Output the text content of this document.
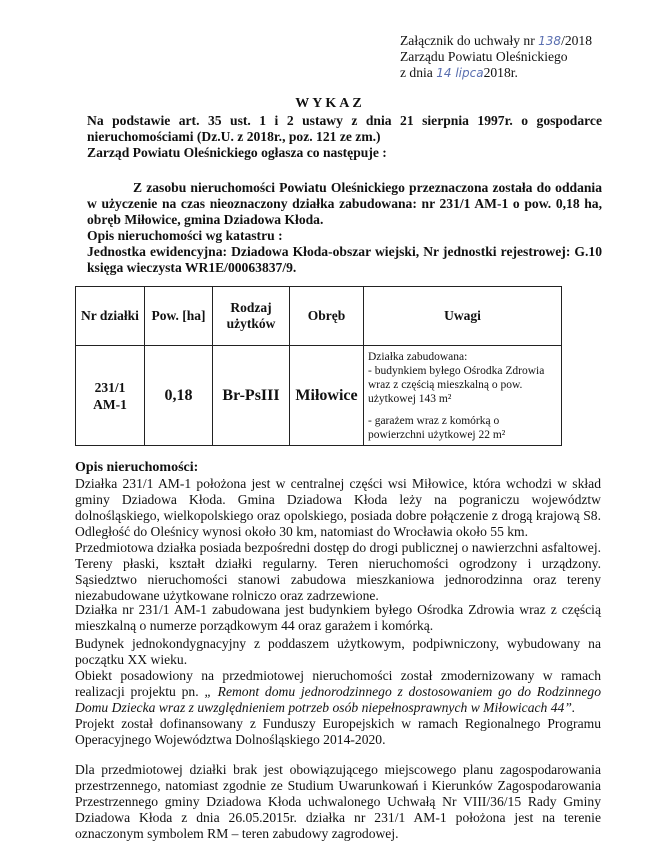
Załącznik do uchwały nr 138/2018
Zarządu Powiatu Oleśnickiego
z dnia 14 lipca2018r.
WYKAZ
Na podstawie art. 35 ust. 1 i 2 ustawy z dnia 21 sierpnia 1997r. o gospodarce nieruchomościami (Dz.U. z 2018r., poz. 121 ze zm.)
Zarząd Powiatu Oleśnickiego ogłasza co następuje :
Z zasobu nieruchomości Powiatu Oleśnickiego przeznaczona została do oddania w użyczenie na czas nieoznaczony działka zabudowana: nr 231/1 AM-1 o pow. 0,18 ha, obręb Miłowice, gmina Dziadowa Kłoda.
Opis nieruchomości wg katastru :
Jednostka ewidencyjna: Dziadowa Kłoda-obszar wiejski, Nr jednostki rejestrowej: G.10 księga wieczysta WR1E/00063837/9.
Nr działki	Pow. [ha]	Rodzaj użytków	Obręb	Uwagi

231/1 AM-1	0,18	Br-PsIII	Miłowice	Działka zabudowana:
- budynkiem byłego Ośrodka Zdrowia wraz z częścią mieszkalną o pow. użytkowej 143 m²
- garażem wraz z komórką o powierzchni użytkowej 22 m²
Opis nieruchomości:
Działka 231/1 AM-1 położona jest w centralnej części wsi Miłowice, która wchodzi w skład gminy Dziadowa Kłoda. Gmina Dziadowa Kłoda leży na pograniczu województw dolnośląskiego, wielkopolskiego oraz opolskiego, posiada dobre połączenie z drogą krajową S8. Odległość do Oleśnicy wynosi około 30 km, natomiast do Wrocławia około 55 km.
Przedmiotowa działka posiada bezpośredni dostęp do drogi publicznej o nawierzchni asfaltowej. Tereny płaski, kształt działki regularny. Teren nieruchomości ogrodzony i urządzony. Sąsiedztwo nieruchomości stanowi zabudowa mieszkaniowa jednorodzinna oraz tereny niezabudowane użytkowane rolniczo oraz zadrzewione.
Działka nr 231/1 AM-1 zabudowana jest budynkiem byłego Ośrodka Zdrowia wraz z częścią mieszkalną o numerze porządkowym 44 oraz garażem i komórką.
Budynek jednokondygnacyjny z poddaszem użytkowym, podpiwniczony, wybudowany na początku XX wieku.
Obiekt posadowiony na przedmiotowej nieruchomości został zmodernizowany w ramach realizacji projektu pn. „ Remont domu jednorodzinnego z dostosowaniem go do Rodzinnego Domu Dziecka wraz z uwzględnieniem potrzeb osób niepełnosprawnych w Miłowicach 44”.
Projekt został dofinansowany z Funduszy Europejskich w ramach Regionalnego Programu Operacyjnego Województwa Dolnośląskiego 2014-2020.
Dla przedmiotowej działki brak jest obowiązującego miejscowego planu zagospodarowania przestrzennego, natomiast zgodnie ze Studium Uwarunkowań i Kierunków Zagospodarowania Przestrzennego gminy Dziadowa Kłoda uchwalonego Uchwałą Nr VIII/36/15 Rady Gminy Dziadowa Kłoda z dnia 26.05.2015r. działka nr 231/1 AM-1 położona jest na terenie oznaczonym symbolem RM – teren zabudowy zagrodowej.
